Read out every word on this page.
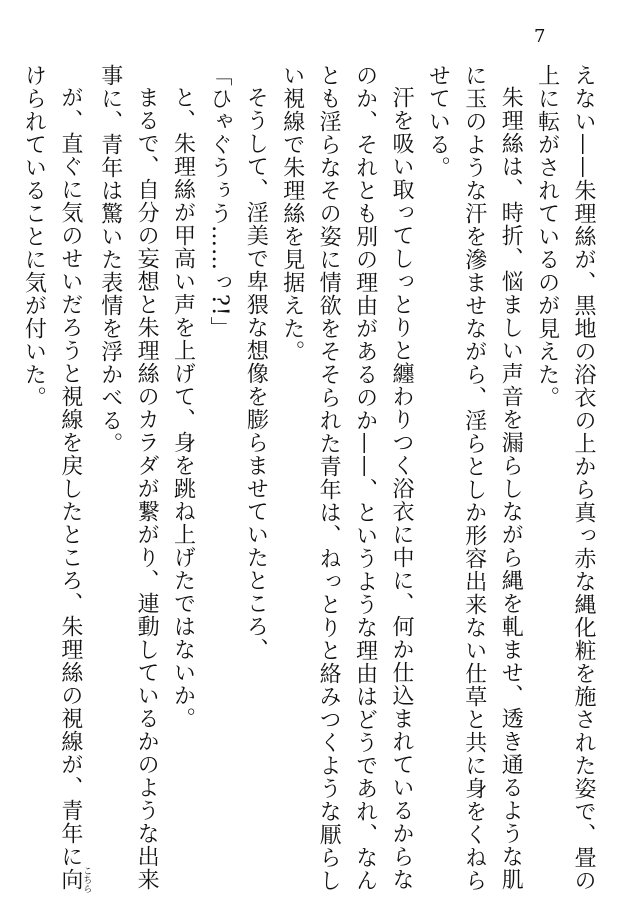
7
えない——朱理絲が、黒地の浴衣の上から真っ赤な縄化粧を施された姿で、畳の
上に転がされているのが見えた。
朱理絲は、時折、悩ましい声音を漏らしながら縄を軋ませ、透き通るような肌
に玉のような汗を滲ませながら、淫らとしか形容出来ない仕草と共に身をくねら
せている。
汗を吸い取ってしっとりと纏わりつく浴衣に中に、何か仕込まれているからな
のか、それとも別の理由があるのか——、というような理由はどうであれ、なん
とも淫らなその姿に情欲をそそられた青年は、ねっとりと絡みつくような厭らし
い視線で朱理絲を見据えた。
そうして、淫美で卑猥な想像を膨らませていたところ、
「ひゃぐうぅう……っ?!」
と、朱理絲が甲高い声を上げて、身を跳ね上げたではないか。
まるで、自分の妄想と朱理絲のカラダが繋がり、連動しているかのような出来
事に、青年は驚いた表情を浮かべる。
が、直ぐに気のせいだろうと視線を戻したところ、朱理絲の視線が、青年に向こちら
けられていることに気が付いた。
